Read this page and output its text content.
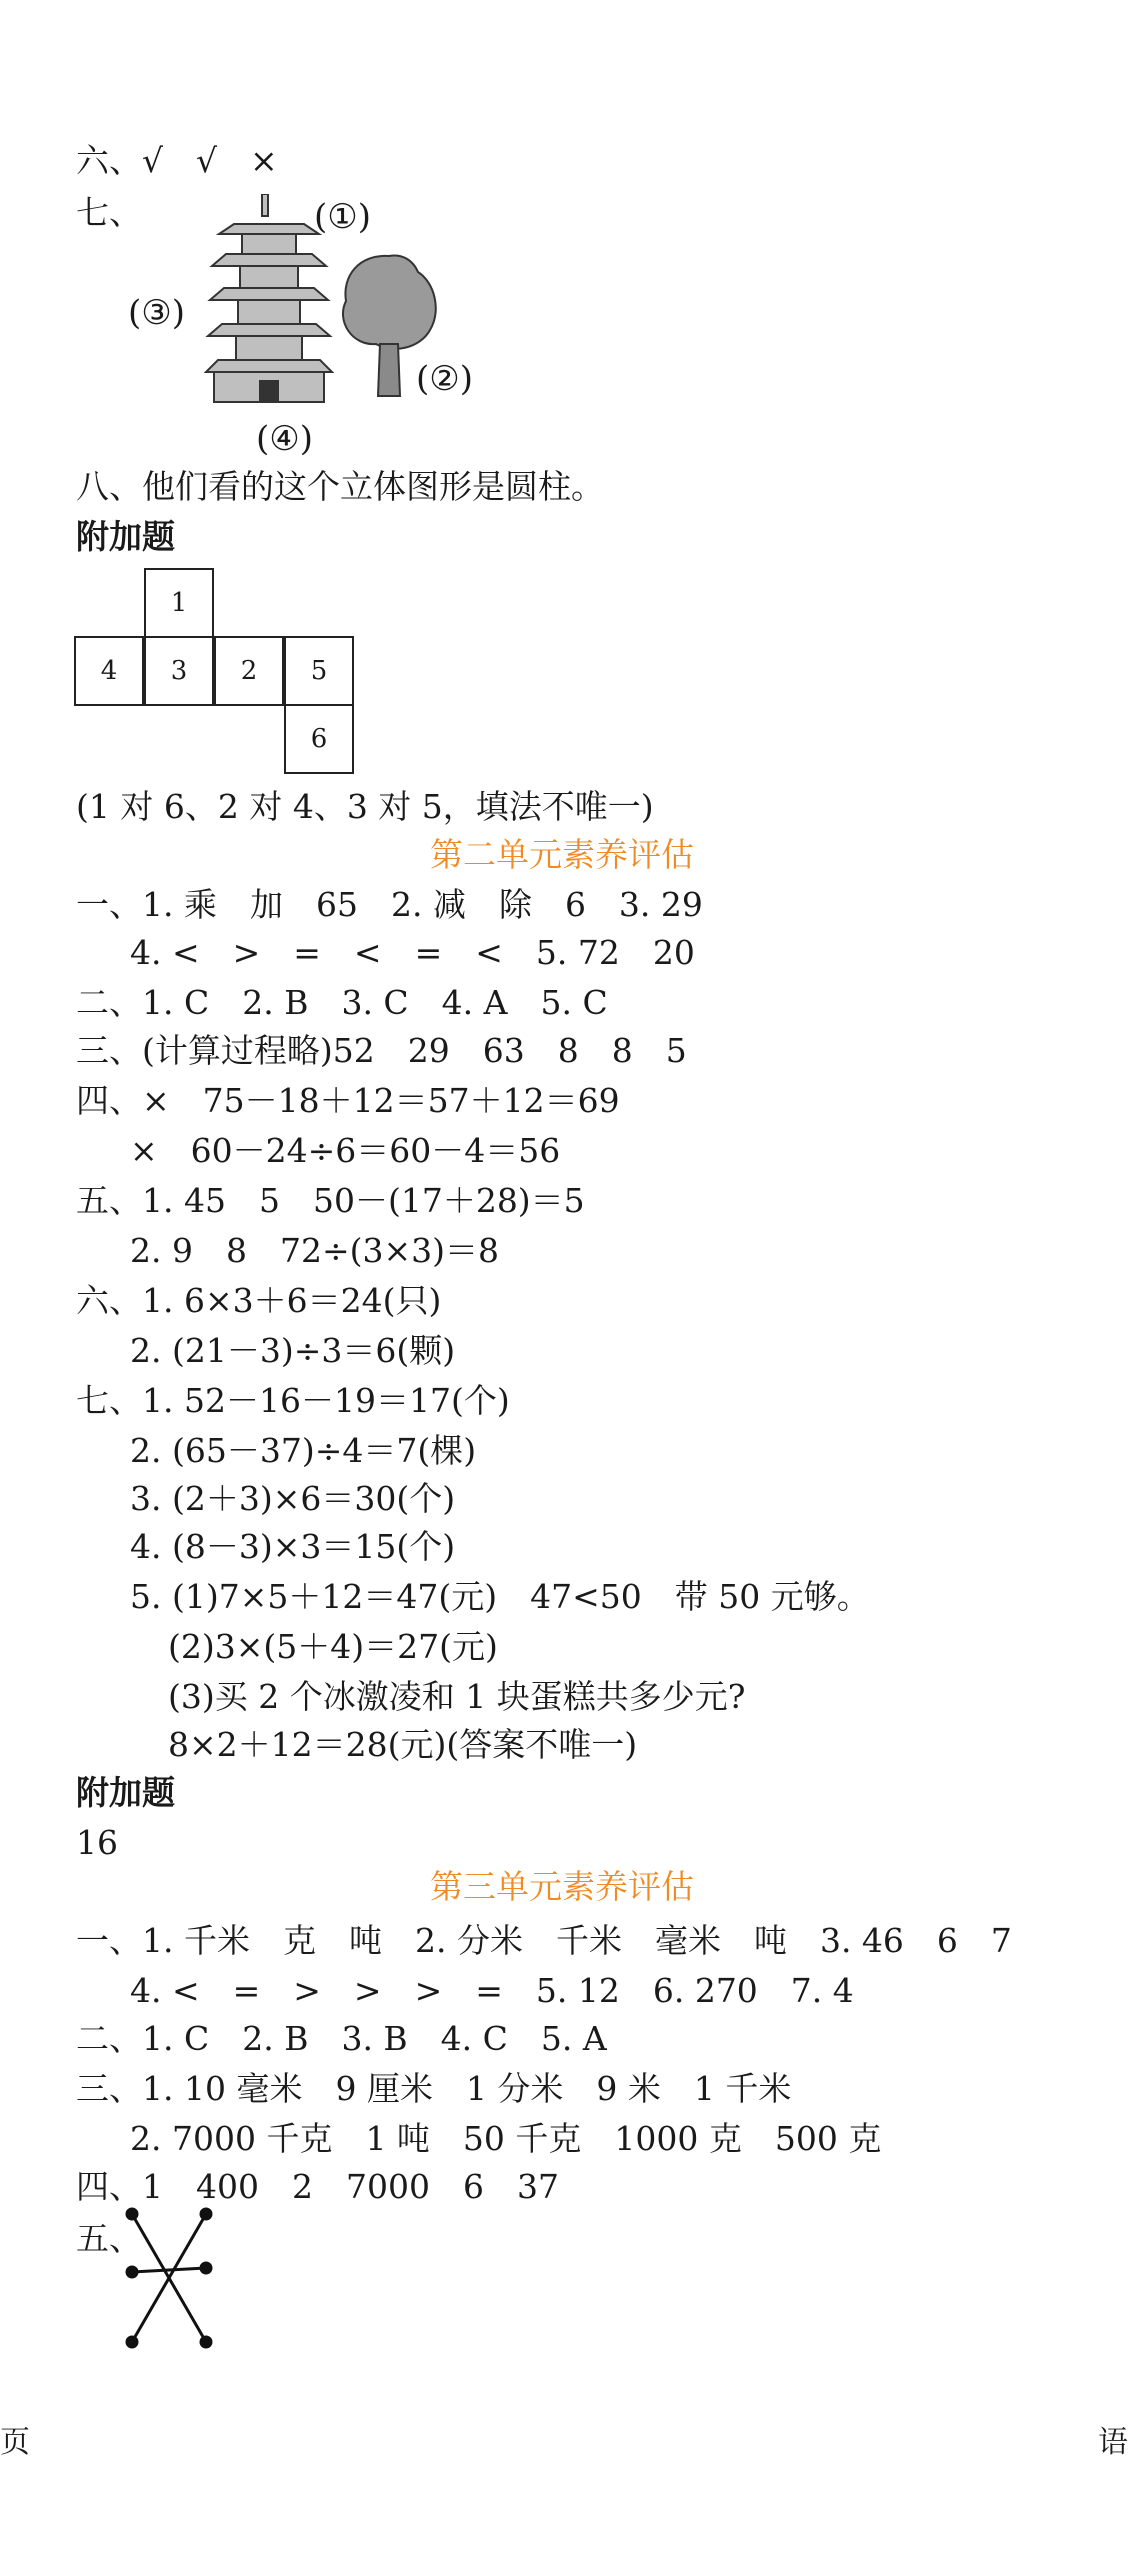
六、√　√　×
七、	(①)
(③)
(②)
(④)
八、他们看的这个立体图形是圆柱。
附加题
1
4	3	2	5
6
(1 对 6、2 对 4、3 对 5，填法不唯一)
第二单元素养评估
一、1. 乘　加　65　2. 减　除　6　3. 29
4. <　>　=　<　=　<　5. 72　20
二、1. C　2. B　3. C　4. A　5. C
三、(计算过程略)52　29　63　8　8　5
四、×　75－18＋12＝57＋12＝69
×　60－24÷6＝60－4＝56
五、1. 45　5　50－(17＋28)＝5
2. 9　8　72÷(3×3)＝8
六、1. 6×3＋6＝24(只)
2. (21－3)÷3＝6(颗)
七、1. 52－16－19＝17(个)
2. (65－37)÷4＝7(棵)
3. (2＋3)×6＝30(个)
4. (8－3)×3＝15(个)
5. (1)7×5＋12＝47(元)　47<50　带 50 元够。
(2)3×(5＋4)＝27(元)
(3)买 2 个冰激凌和 1 块蛋糕共多少元?
8×2＋12＝28(元)(答案不唯一)
附加题
16
第三单元素养评估
一、1. 千米　克　吨　2. 分米　千米　毫米　吨　3. 46　6　7
4. <　=　>　>　>　=　5. 12　6. 270　7. 4
二、1. C　2. B　3. B　4. C　5. A
三、1. 10 毫米　9 厘米　1 分米　9 米　1 千米
2. 7000 千克　1 吨　50 千克　1000 克　500 克
四、1　400　2　7000　6　37
五、
页	语
